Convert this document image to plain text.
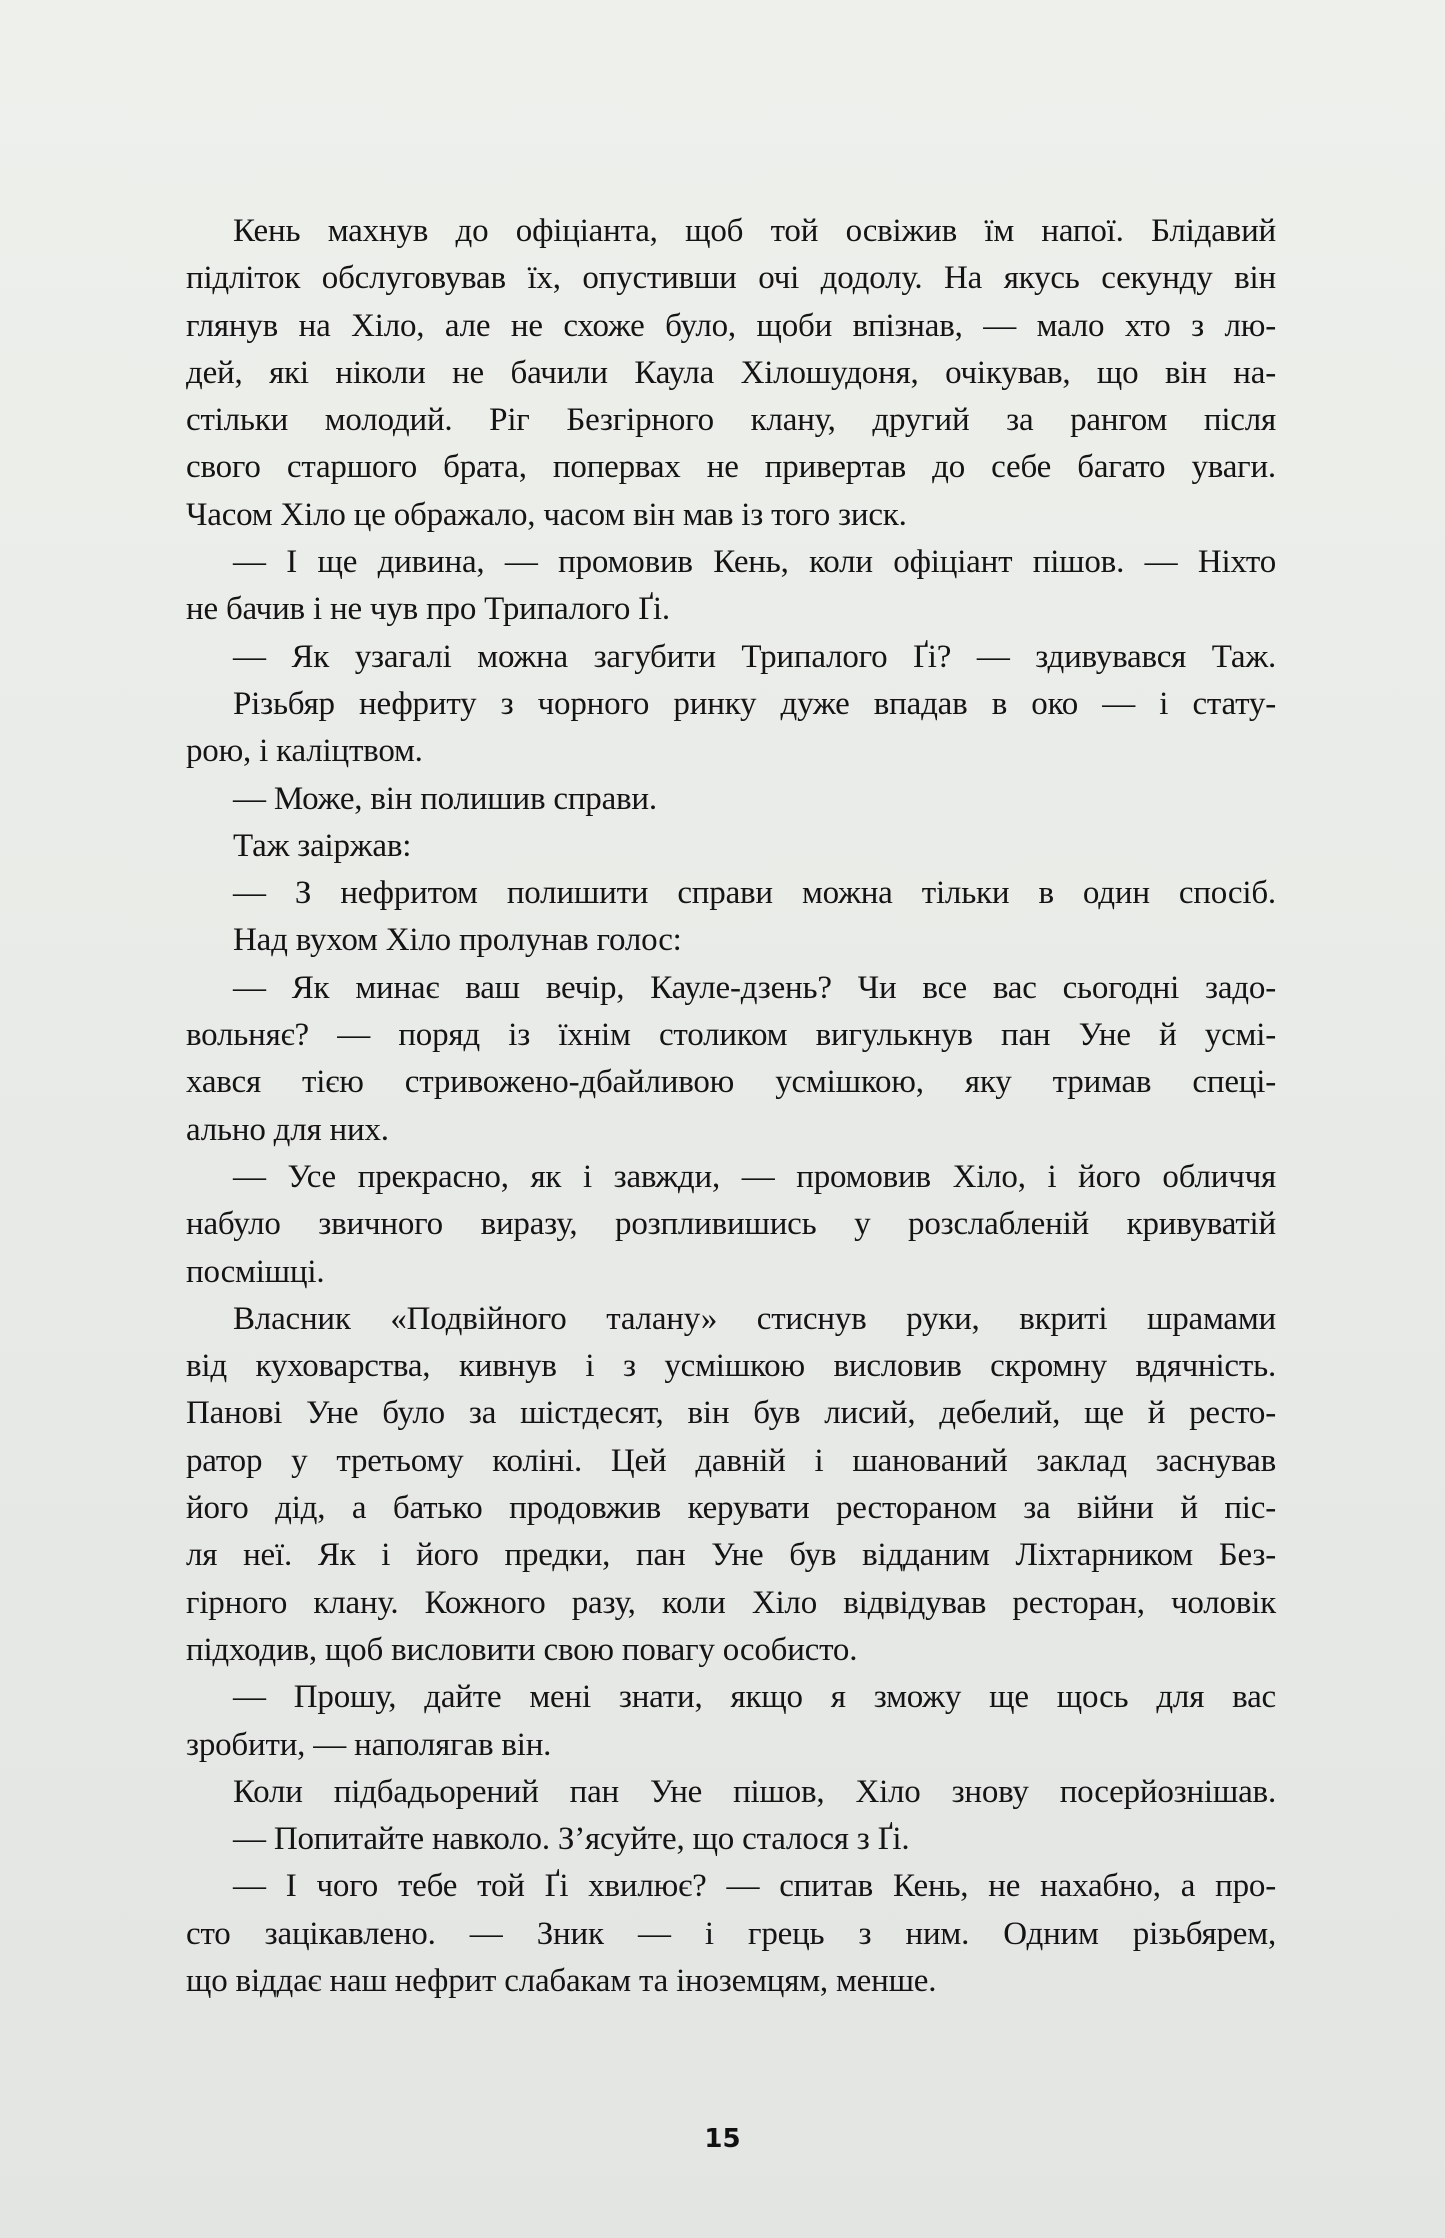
Кень махнув до офіціанта, щоб той освіжив їм напої. Блідавий
підліток обслуговував їх, опустивши очі додолу. На якусь секунду він
глянув на Хіло, але не схоже було, щоби впізнав, — мало хто з лю-
дей, які ніколи не бачили Каула Хілошудоня, очікував, що він на-
стільки молодий. Ріг Безгірного клану, другий за рангом після
свого старшого брата, попервах не привертав до себе багато уваги.
Часом Хіло це ображало, часом він мав із того зиск.
— І ще дивина, — промовив Кень, коли офіціант пішов. — Ніхто
не бачив і не чув про Трипалого Ґі.
— Як узагалі можна загубити Трипалого Ґі? — здивувався Таж.
Різьбяр нефриту з чорного ринку дуже впадав в око — і стату-
рою, і каліцтвом.
— Може, він полишив справи.
Таж заіржав:
— З нефритом полишити справи можна тільки в один спосіб.
Над вухом Хіло пролунав голос:
— Як минає ваш вечір, Кауле-дзень? Чи все вас сьогодні задо-
вольняє? — поряд із їхнім столиком вигулькнув пан Уне й усмі-
хався тією стривожено-дбайливою усмішкою, яку тримав спеці-
ально для них.
— Усе прекрасно, як і завжди, — промовив Хіло, і його обличчя
набуло звичного виразу, розпливишись у розслабленій кривуватій
посмішці.
Власник «Подвійного талану» стиснув руки, вкриті шрамами
від куховарства, кивнув і з усмішкою висловив скромну вдячність.
Панові Уне було за шістдесят, він був лисий, дебелий, ще й ресто-
ратор у третьому коліні. Цей давній і шанований заклад заснував
його дід, а батько продовжив керувати рестораном за війни й піс-
ля неї. Як і його предки, пан Уне був відданим Ліхтарником Без-
гірного клану. Кожного разу, коли Хіло відвідував ресторан, чоловік
підходив, щоб висловити свою повагу особисто.
— Прошу, дайте мені знати, якщо я зможу ще щось для вас
зробити, — наполягав він.
Коли підбадьорений пан Уне пішов, Хіло знову посерйознішав.
— Попитайте навколо. З’ясуйте, що сталося з Ґі.
— І чого тебе той Ґі хвилює? — спитав Кень, не нахабно, а про-
сто зацікавлено. — Зник — і грець з ним. Одним різьбярем,
що віддає наш нефрит слабакам та іноземцям, менше.
15
